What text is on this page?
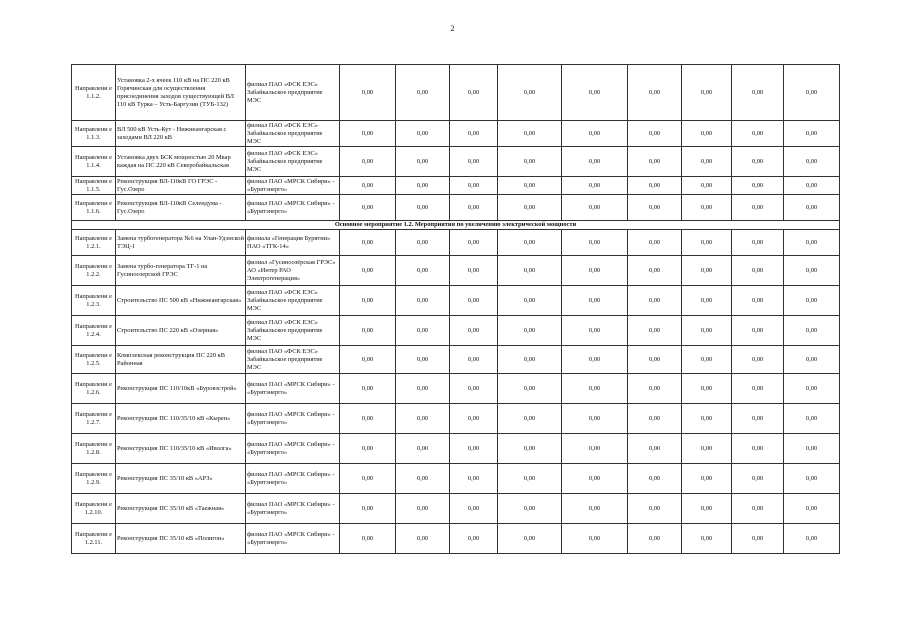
2
Направлени е 1.1.2.	Установка 2-х ячеек 110 кВ на ПС 220 кВ Горячинская для осуществления присоединения заходов существующей ВЛ 110 кВ Турка – Усть-Баргузин (ТУБ-132)	филиал ПАО «ФСК ЕЭС» Забайкальское предприятие МЭС	0,00	0,00	0,00	0,00	0,00	0,00	0,00	0,00	0,00
Направлени е 1.1.3.	ВЛ 500 кВ Усть-Кут - Нижнеангарская с заходами ВЛ 220 кВ	филиал ПАО «ФСК ЕЭС» Забайкальское предприятие МЭС	0,00	0,00	0,00	0,00	0,00	0,00	0,00	0,00	0,00
Направлени е 1.1.4.	Установка двух БСК мощностью 20 Мвар каждая на ПС 220 кВ Северобайкальская	филиал ПАО «ФСК ЕЭС» Забайкальское предприятие МЭС	0,00	0,00	0,00	0,00	0,00	0,00	0,00	0,00	0,00
Направлени е 1.1.5.	Реконструкция ВЛ-110кВ ГО ГРЭС - Гус.Озеро	филиал ПАО «МРСК Сибири» - «Бурятэнерго»	0,00	0,00	0,00	0,00	0,00	0,00	0,00	0,00	0,00
Направлени е 1.1.6.	Реконструкция ВЛ-110кВ Селендума - Гус.Озеро	филиал ПАО «МРСК Сибири» - «Бурятэнерго»	0,00	0,00	0,00	0,00	0,00	0,00	0,00	0,00	0,00
Основное мероприятие 1.2. Мероприятия по увеличению электрической мощности											
Направлени е 1.2.1.	Замена турбогенератора №6 на Улан-Удэнской ТЭЦ-1	филиала «Генерация Бурятии» ПАО «ТГК-14»	0,00	0,00	0,00	0,00	0,00	0,00	0,00	0,00	0,00
Направлени е 1.2.2.	Замена турбо-генератора ТГ-1 на Гусиноозерской ГРЭС	филиал «Гусиноозёрская ГРЭС» АО «Интер РАО Электрогенерация»	0,00	0,00	0,00	0,00	0,00	0,00	0,00	0,00	0,00
Направлени е 1.2.3.	Строительство ПС 500 кВ «Нижнеангарская»	филиал ПАО «ФСК ЕЭС» Забайкальское предприятие МЭС	0,00	0,00	0,00	0,00	0,00	0,00	0,00	0,00	0,00
Направлени е 1.2.4.	Строительство ПС 220 кВ «Озерная»	филиал ПАО «ФСК ЕЭС» Забайкальское предприятие МЭС	0,00	0,00	0,00	0,00	0,00	0,00	0,00	0,00	0,00
Направлени е 1.2.5.	Комплексная реконструкция ПС 220 кВ Районная	филиал ПАО «ФСК ЕЭС» Забайкальское предприятие МЭС	0,00	0,00	0,00	0,00	0,00	0,00	0,00	0,00	0,00
Направлени е 1.2.6.	Реконструкция ПС 110/10кВ «Буровзстрой»	филиал ПАО «МРСК Сибири» - «Бурятэнерго»	0,00	0,00	0,00	0,00	0,00	0,00	0,00	0,00	0,00
Направлени е 1.2.7.	Реконструкция ПС 110/35/10 кВ «Кырен»	филиал ПАО «МРСК Сибири» - «Бурятэнерго»	0,00	0,00	0,00	0,00	0,00	0,00	0,00	0,00	0,00
Направлени е 1.2.8.	Реконструкция ПС 110/35/10 кВ «Иволга»	филиал ПАО «МРСК Сибири» - «Бурятэнерго»	0,00	0,00	0,00	0,00	0,00	0,00	0,00	0,00	0,00
Направлени е 1.2.9.	Реконструкция ПС 35/10 кВ «АРЗ»	филиал ПАО «МРСК Сибири» - «Бурятэнерго»	0,00	0,00	0,00	0,00	0,00	0,00	0,00	0,00	0,00
Направлени е 1.2.10.	Реконструкция ПС 35/10 кВ «Таежная»	филиал ПАО «МРСК Сибири» - «Бурятэнерго»	0,00	0,00	0,00	0,00	0,00	0,00	0,00	0,00	0,00
Направлени е 1.2.11.	Реконструкция ПС 35/10 кВ «Полигон»	филиал ПАО «МРСК Сибири» - «Бурятэнерго»	0,00	0,00	0,00	0,00	0,00	0,00	0,00	0,00	0,00
